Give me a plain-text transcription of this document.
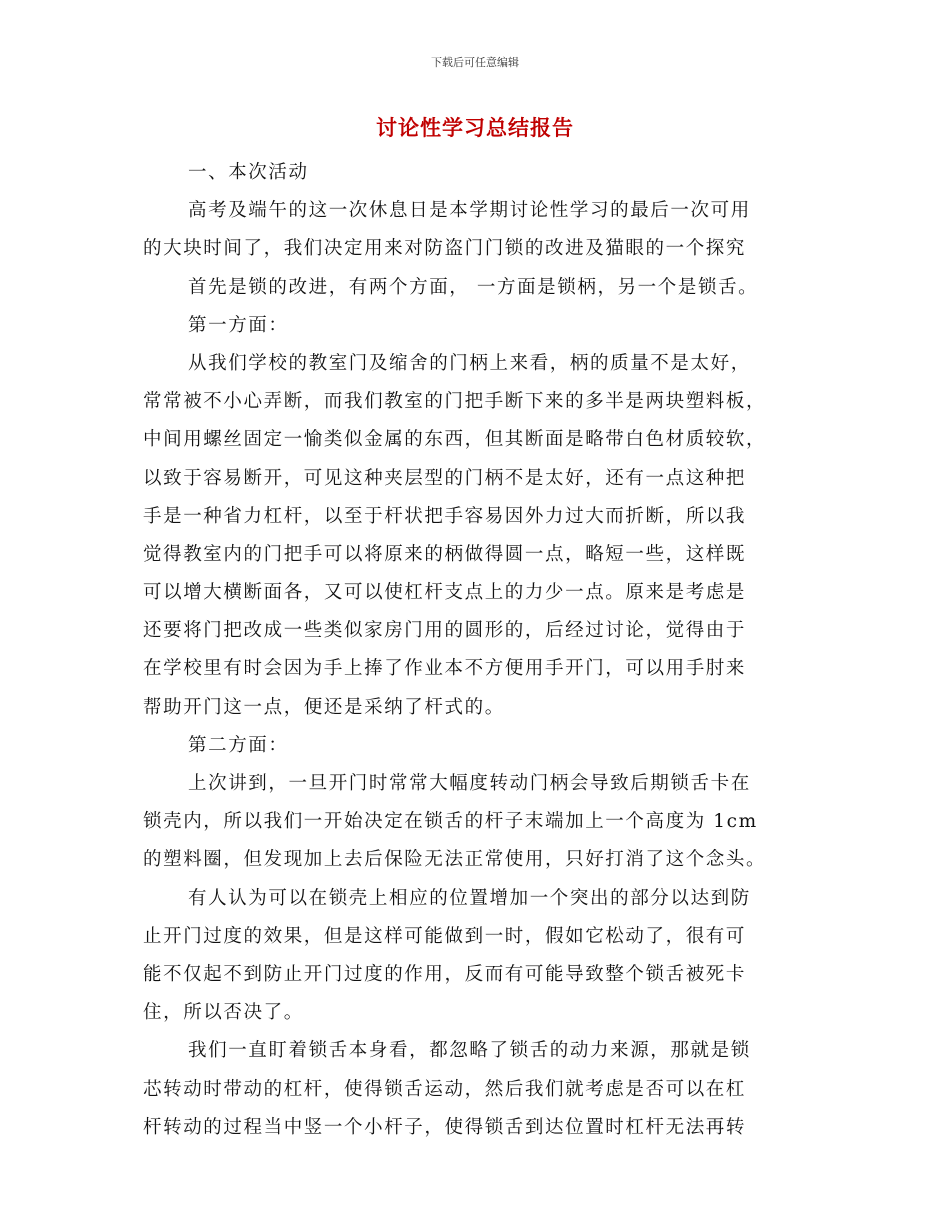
下载后可任意编辑
讨论性学习总结报告
一、本次活动
高考及端午的这一次休息日是本学期讨论性学习的最后一次可用
的大块时间了，我们决定用来对防盗门门锁的改进及猫眼的一个探究
首先是锁的改进，有两个方面， 一方面是锁柄，另一个是锁舌。
第一方面：
从我们学校的教室门及缩舍的门柄上来看，柄的质量不是太好，
常常被不小心弄断，而我们教室的门把手断下来的多半是两块塑料板，
中间用螺丝固定一愉类似金属的东西，但其断面是略带白色材质较软，
以致于容易断开，可见这种夹层型的门柄不是太好，还有一点这种把
手是一种省力杠杆，以至于杆状把手容易因外力过大而折断，所以我
觉得教室内的门把手可以将原来的柄做得圆一点，略短一些，这样既
可以增大横断面各，又可以使杠杆支点上的力少一点。原来是考虑是
还要将门把改成一些类似家房门用的圆形的，后经过讨论，觉得由于
在学校里有时会因为手上捧了作业本不方便用手开门，可以用手肘来
帮助开门这一点，便还是采纳了杆式的。
第二方面：
上次讲到，一旦开门时常常大幅度转动门柄会导致后期锁舌卡在
锁壳内，所以我们一开始决定在锁舌的杆子末端加上一个高度为 1cm
的塑料圈，但发现加上去后保险无法正常使用，只好打消了这个念头。
有人认为可以在锁壳上相应的位置增加一个突出的部分以达到防
止开门过度的效果，但是这样可能做到一时，假如它松动了，很有可
能不仅起不到防止开门过度的作用，反而有可能导致整个锁舌被死卡
住，所以否决了。
我们一直盯着锁舌本身看，都忽略了锁舌的动力来源，那就是锁
芯转动时带动的杠杆，使得锁舌运动，然后我们就考虑是否可以在杠
杆转动的过程当中竖一个小杆子，使得锁舌到达位置时杠杆无法再转
